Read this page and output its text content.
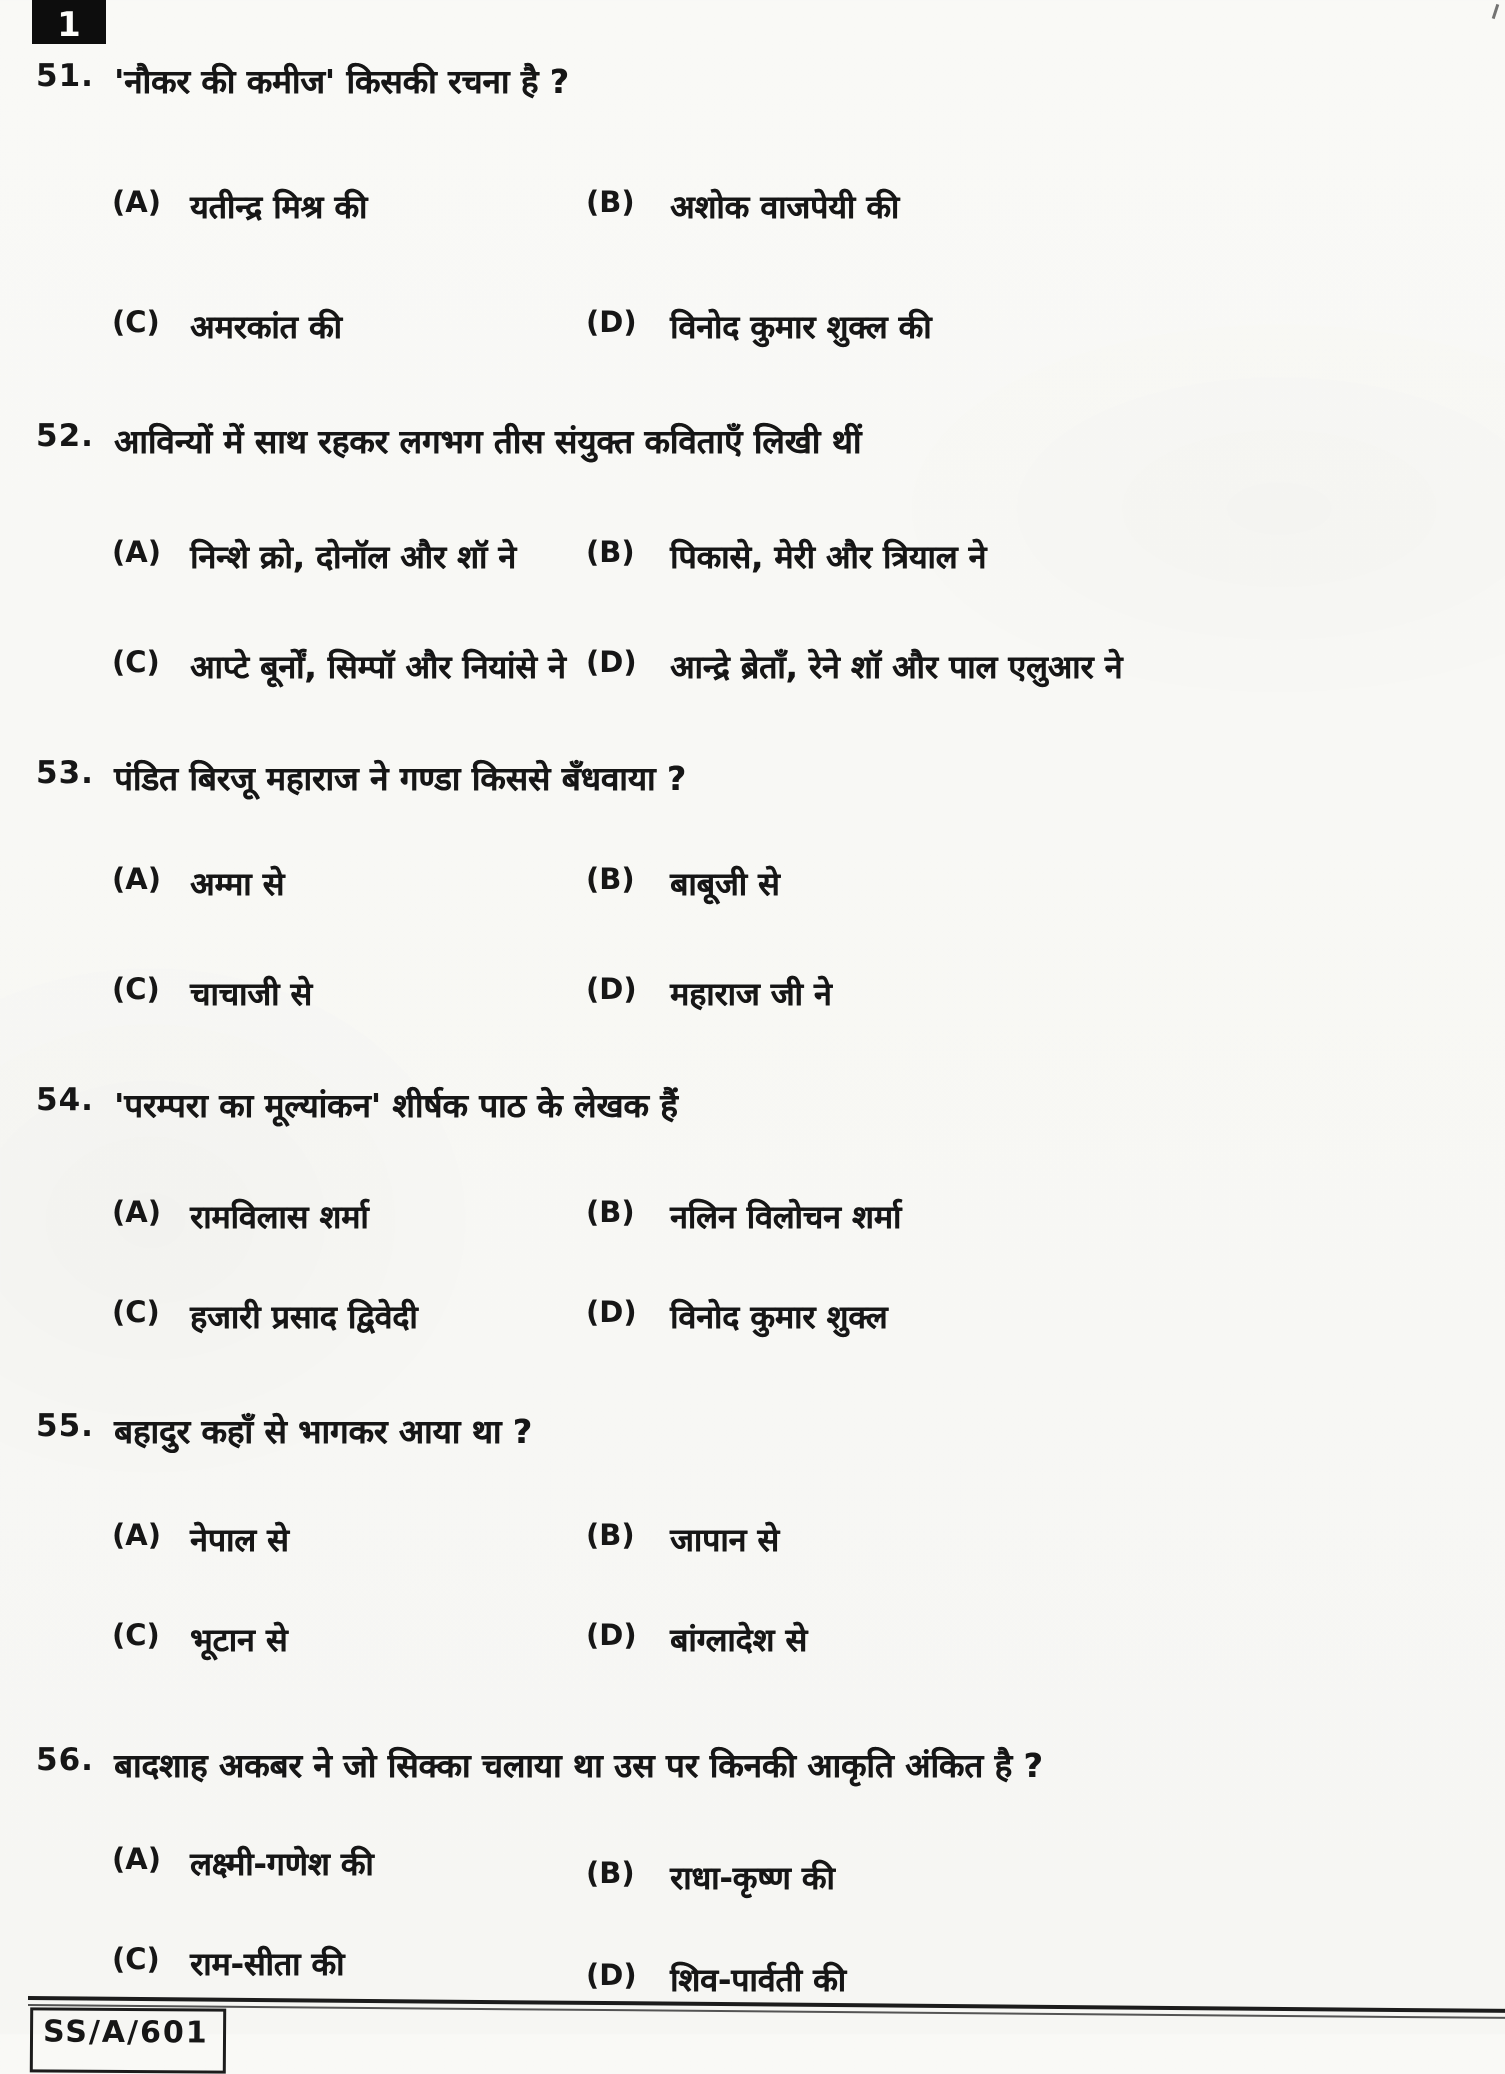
1
51. 'नौकर की कमीज' किसकी रचना है ?
(A) यतीन्द्र मिश्र की	(B) अशोक वाजपेयी की
(C) अमरकांत की	(D) विनोद कुमार शुक्ल की
52. आविन्यों में साथ रहकर लगभग तीस संयुक्त कविताएँ लिखी थीं
(A) निन्शे क्रो, दोनॉल और शॉ ने (B) पिकासे, मेरी और त्रियाल ने
(C) आप्टे बूर्नों, सिम्पॉ और नियांसे ने (D) आन्द्रे ब्रेताँ, रेने शॉ और पाल एलुआर ने
53. पंडित बिरजू महाराज ने गण्डा किससे बँधवाया ?
(A) अम्मा से	(B) बाबूजी से
(C) चाचाजी से	(D) महाराज जी ने
54. 'परम्परा का मूल्यांकन' शीर्षक पाठ के लेखक हैं
(A) रामविलास शर्मा	(B) नलिन विलोचन शर्मा
(C) हजारी प्रसाद द्विवेदी	(D) विनोद कुमार शुक्ल
55. बहादुर कहाँ से भागकर आया था ?
(A) नेपाल से	(B) जापान से
(C) भूटान से	(D) बांग्लादेश से
56. बादशाह अकबर ने जो सिक्का चलाया था उस पर किनकी आकृति अंकित है ?
(A) लक्ष्मी-गणेश की	(B) राधा-कृष्ण की
(C) राम-सीता की	(D) शिव-पार्वती की
SS/A/601
